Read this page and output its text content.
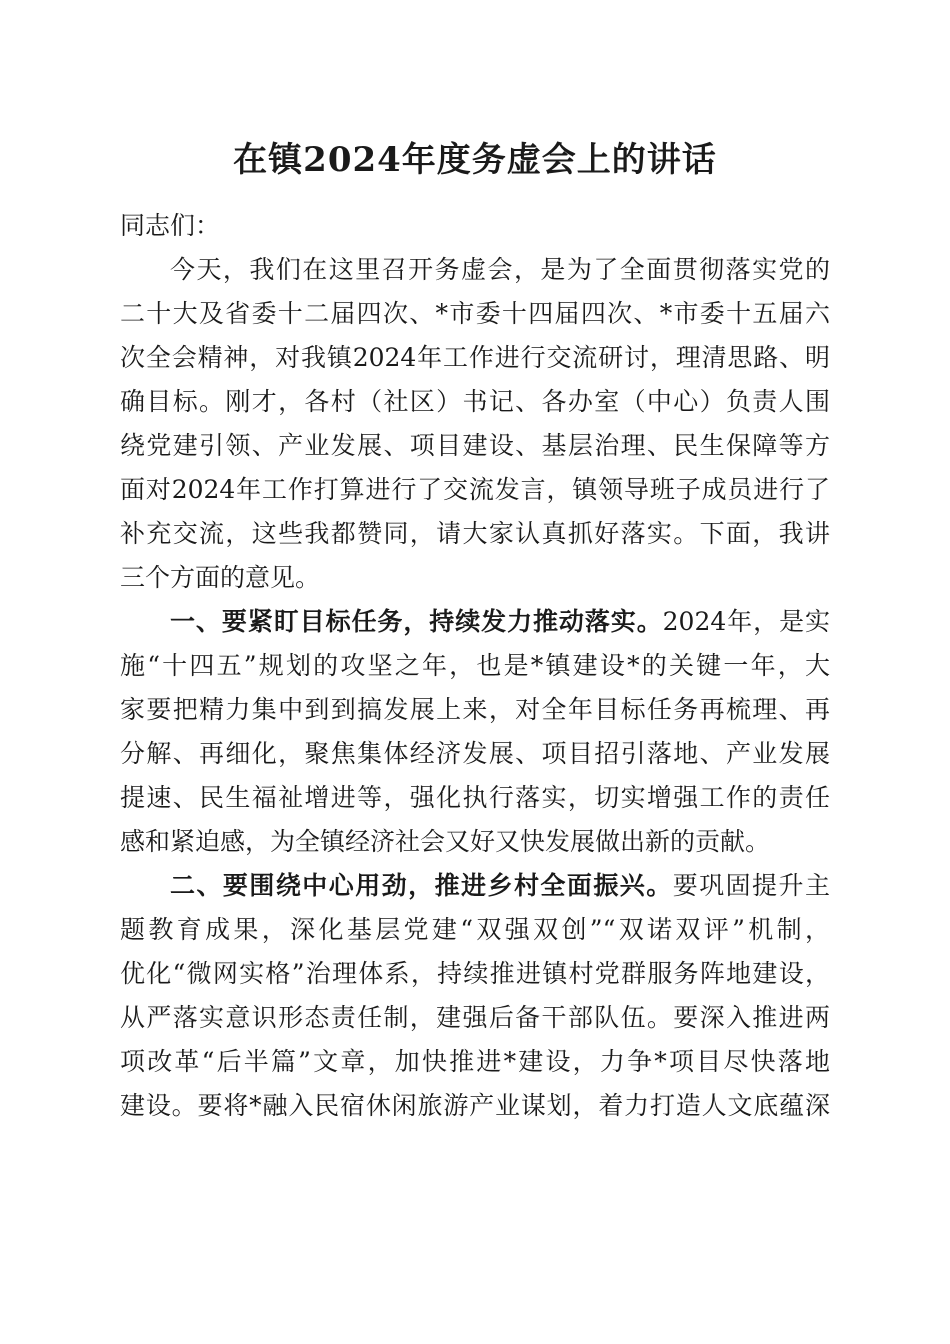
在镇2024年度务虚会上的讲话
同志们：
今天，我们在这里召开务虚会，是为了全面贯彻落实党的
二十大及省委十二届四次、*市委十四届四次、*市委十五届六
次全会精神，对我镇2024年工作进行交流研讨，理清思路、明
确目标。刚才，各村（社区）书记、各办室（中心）负责人围
绕党建引领、产业发展、项目建设、基层治理、民生保障等方
面对2024年工作打算进行了交流发言，镇领导班子成员进行了
补充交流，这些我都赞同，请大家认真抓好落实。下面，我讲
三个方面的意见。
一、要紧盯目标任务，持续发力推动落实。2024年，是实
施“十四五”规划的攻坚之年，也是*镇建设*的关键一年，大
家要把精力集中到到搞发展上来，对全年目标任务再梳理、再
分解、再细化，聚焦集体经济发展、项目招引落地、产业发展
提速、民生福祉增进等，强化执行落实，切实增强工作的责任
感和紧迫感，为全镇经济社会又好又快发展做出新的贡献。
二、要围绕中心用劲，推进乡村全面振兴。要巩固提升主
题教育成果，深化基层党建“双强双创”“双诺双评”机制，
优化“微网实格”治理体系，持续推进镇村党群服务阵地建设，
从严落实意识形态责任制，建强后备干部队伍。要深入推进两
项改革“后半篇”文章，加快推进*建设，力争*项目尽快落地
建设。要将*融入民宿休闲旅游产业谋划，着力打造人文底蕴深
